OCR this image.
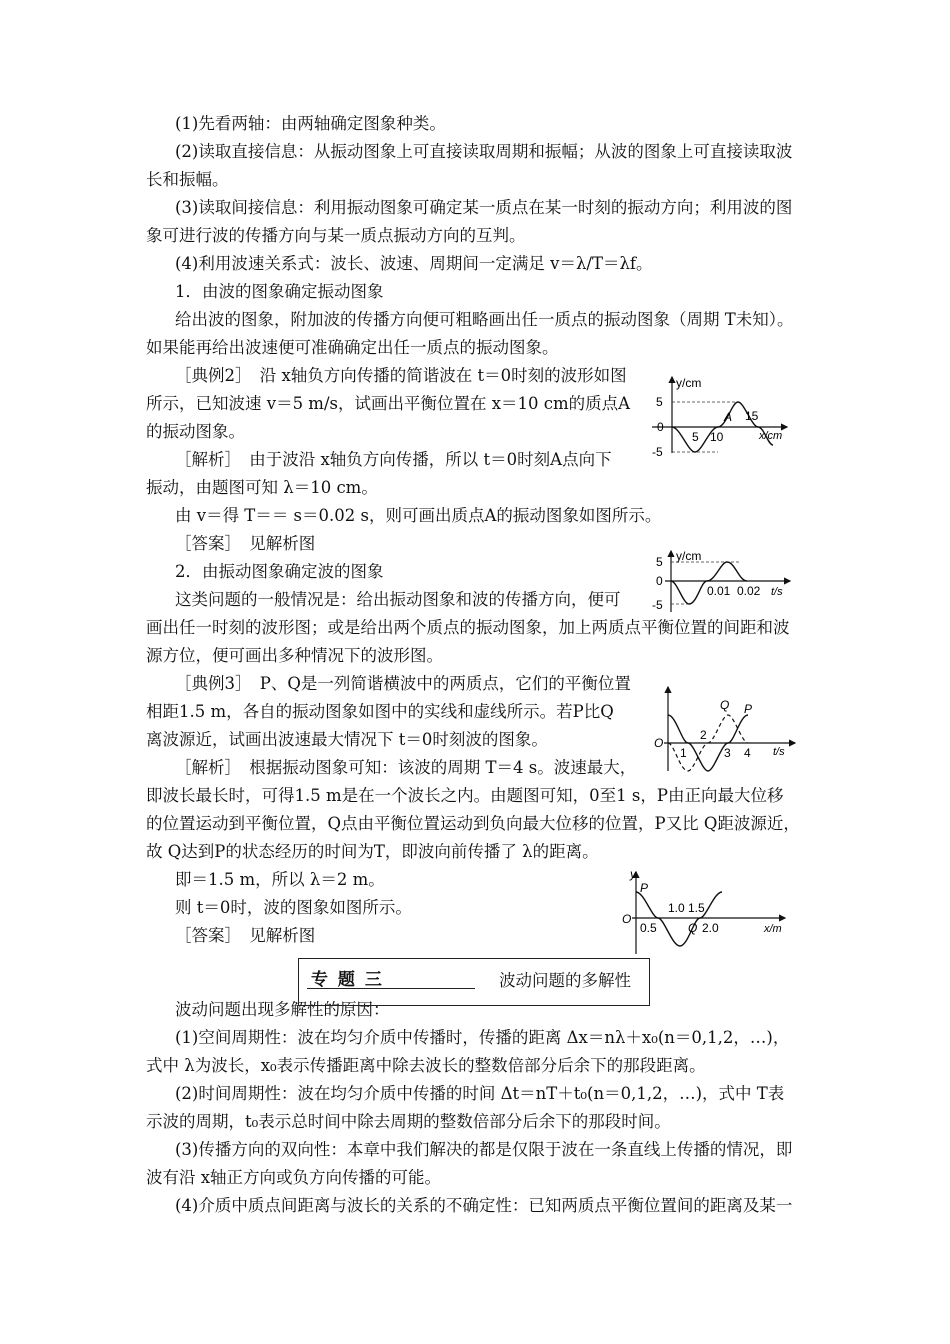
(1)先看两轴：由两轴确定图象种类。
(2)读取直接信息：从振动图象上可直接读取周期和振幅；从波的图象上可直接读取波
长和振幅。
(3)读取间接信息：利用振动图象可确定某一质点在某一时刻的振动方向；利用波的图
象可进行波的传播方向与某一质点振动方向的互判。
(4)利用波速关系式：波长、波速、周期间一定满足 v＝λ/T＝λf。
1．由波的图象确定振动图象
给出波的图象，附加波的传播方向便可粗略画出任一质点的振动图象（周期 T未知）。
如果能再给出波速便可准确确定出任一质点的振动图象。
［典例2］　沿 x轴负方向传播的简谐波在 t＝0时刻的波形如图
所示，已知波速 v＝5 m/s，试画出平衡位置在 x＝10 cm的质点A
的振动图象。
［解析］　由于波沿 x轴负方向传播，所以 t＝0时刻A点向下
振动，由题图可知 λ＝10 cm。
由 v＝得 T＝＝ s＝0.02 s，则可画出质点A的振动图象如图所示。
［答案］　见解析图
2．由振动图象确定波的图象
这类问题的一般情况是：给出振动图象和波的传播方向，便可
画出任一时刻的波形图；或是给出两个质点的振动图象，加上两质点平衡位置的间距和波
源方位，便可画出多种情况下的波形图。
［典例3］　P、Q是一列简谐横波中的两质点，它们的平衡位置
相距1.5 m，各自的振动图象如图中的实线和虚线所示。若P比Q
离波源近，试画出波速最大情况下 t＝0时刻波的图象。
［解析］　根据振动图象可知：该波的周期 T＝4 s。波速最大，
即波长最长时，可得1.5 m是在一个波长之内。由题图可知，0至1 s，P由正向最大位移
的位置运动到平衡位置，Q点由平衡位置运动到负向最大位移的位置，P又比 Q距波源近，
故 Q达到P的状态经历的时间为T，即波向前传播了 λ的距离。
即＝1.5 m，所以 λ＝2 m。
则 t＝0时，波的图象如图所示。
［答案］　见解析图
波动问题出现多解性的原因：
(1)空间周期性：波在均匀介质中传播时，传播的距离 Δx＝nλ＋x₀(n＝0,1,2，…)，
式中 λ为波长，x₀表示传播距离中除去波长的整数倍部分后余下的那段距离。
(2)时间周期性：波在均匀介质中传播的时间 Δt＝nT＋t₀(n＝0,1,2，…)，式中 T表
示波的周期，t₀表示总时间中除去周期的整数倍部分后余下的那段时间。
(3)传播方向的双向性：本章中我们解决的都是仅限于波在一条直线上传播的情况，即
波有沿 x轴正方向或负方向传播的可能。
(4)介质中质点间距离与波长的关系的不确定性：已知两质点平衡位置间的距离及某一
y/cm
5
0
-5
5 10
15
A
x/cm
y/cm
5
0
-5
0.01 0.02 t/s
O
1
2
3 4 t/s
Q P
y
O
P
0.5
1.0 1.5
Q 2.0	x/m
专 题 三	波动问题的多解性
